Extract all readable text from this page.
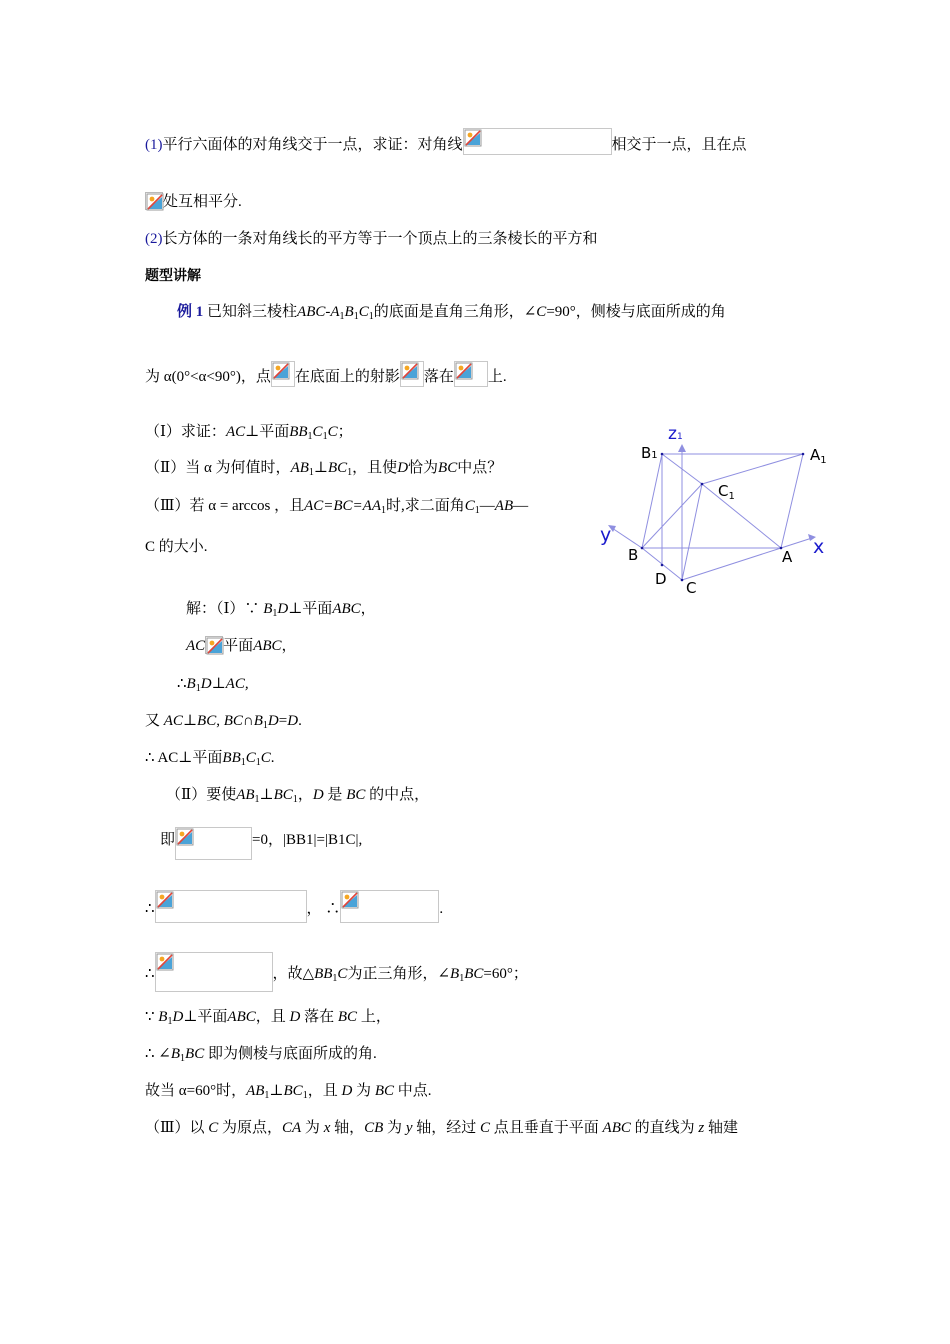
(1)平行六面体的对角线交于一点，求证：对角线	相交于一点，且在点
处互相平分.
(2)长方体的一条对角线长的平方等于一个顶点上的三条棱长的平方和
题型讲解
例 1 已知斜三棱柱ABC-$A_1B_1C_1$的底面是直角三角形，∠C=90°，侧棱与底面所成的角
为 α(0°<α<90°)，点 在底面上的射影 落在 上.
（Ⅰ）求证：AC⊥平面$BB_1C_1C$；
（Ⅱ）当 α 为何值时，$AB_1\perp BC_1$，且使D恰为BC中点？
（Ⅲ）若 α = arccos ，且$AC=BC=AA_1$时,求二面角$C_1—AB—$
C 的大小.
z1
B1	$A_1$
$C_1$
y
B	A x
D C
解：（Ⅰ）∵ $B_1D\perp$平面ABC，
AC 平面ABC，
$\therefore B_1D\perp AC$,
又 AC⊥BC, $BC\cap B_1D=D$.
∴ AC⊥平面$BB_1C_1C$.
（Ⅱ）要使$AB_1\perp BC_1$，D 是 BC 的中点，
即	=0，|BB1|=|B1C|,
∴	， ∴	.
∴	，故$\triangle BB_1C$为正三角形，$\angle B_1BC=60^\circ$；
∵ $B_1D\perp$平面ABC，且 D 落在 BC 上，
∴ $\angle B_1BC$ 即为侧棱与底面所成的角.
故当 α=60°时，$AB_1\perp BC_1$，且 D 为 BC 中点.
（Ⅲ）以 C 为原点，CA 为 x 轴，CB 为 y 轴，经过 C 点且垂直于平面 ABC 的直线为 z 轴建
